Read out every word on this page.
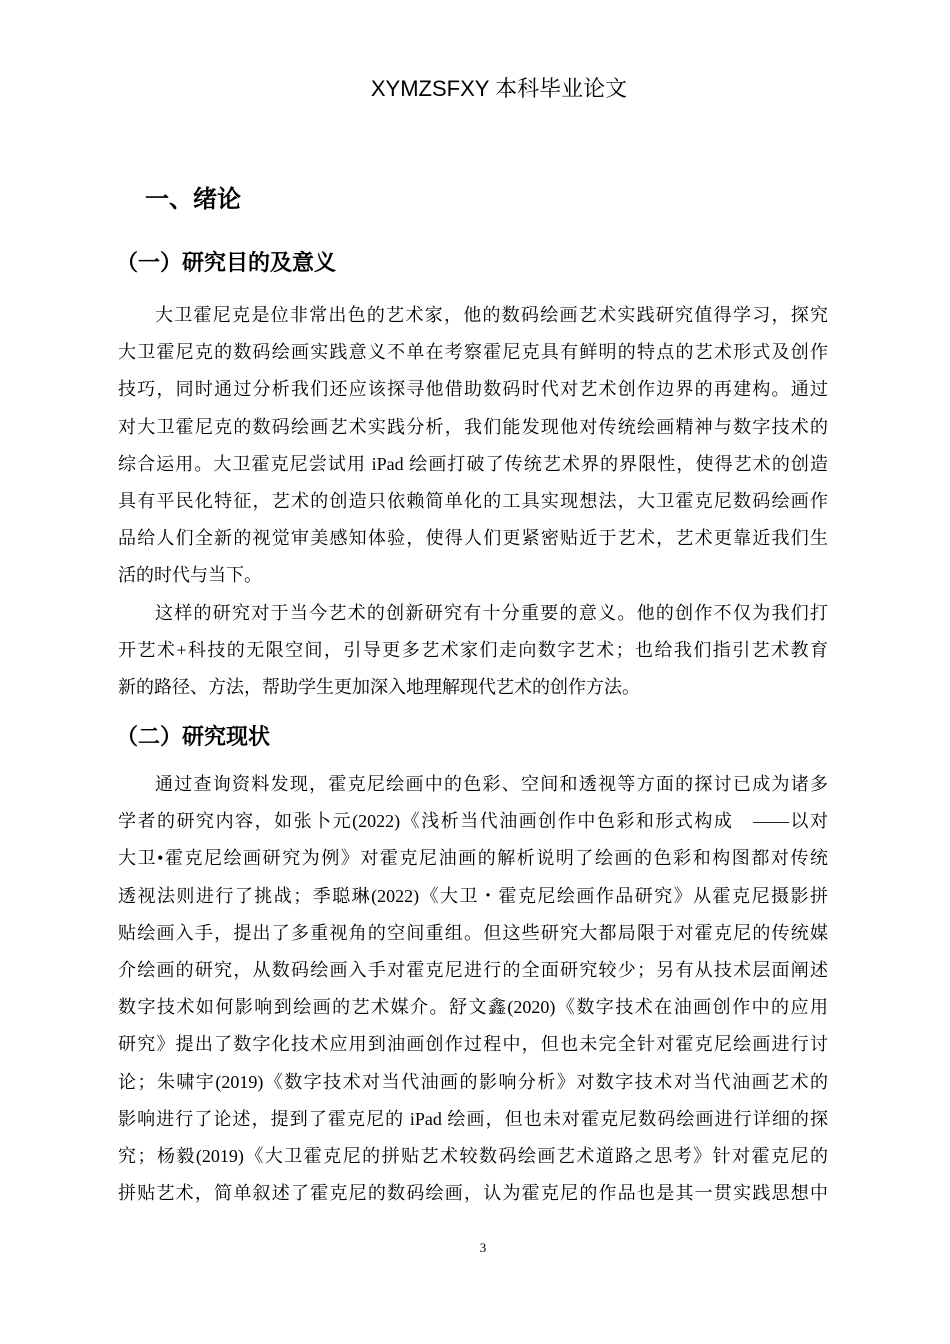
XYMZSFXY 本科毕业论文
一、绪论
（一）研究目的及意义
大卫霍尼克是位非常出色的艺术家，他的数码绘画艺术实践研究值得学习，探究
大卫霍尼克的数码绘画实践意义不单在考察霍尼克具有鲜明的特点的艺术形式及创作
技巧，同时通过分析我们还应该探寻他借助数码时代对艺术创作边界的再建构。通过
对大卫霍尼克的数码绘画艺术实践分析，我们能发现他对传统绘画精神与数字技术的
综合运用。大卫霍克尼尝试用 iPad 绘画打破了传统艺术界的界限性，使得艺术的创造
具有平民化特征，艺术的创造只依赖简单化的工具实现想法，大卫霍克尼数码绘画作
品给人们全新的视觉审美感知体验，使得人们更紧密贴近于艺术，艺术更靠近我们生
活的时代与当下。
这样的研究对于当今艺术的创新研究有十分重要的意义。他的创作不仅为我们打
开艺术+科技的无限空间，引导更多艺术家们走向数字艺术；也给我们指引艺术教育
新的路径、方法，帮助学生更加深入地理解现代艺术的创作方法。
（二）研究现状
通过查询资料发现，霍克尼绘画中的色彩、空间和透视等方面的探讨已成为诸多
学者的研究内容，如张卜元(2022)《浅析当代油画创作中色彩和形式构成　——以对
大卫•霍克尼绘画研究为例》对霍克尼油画的解析说明了绘画的色彩和构图都对传统
透视法则进行了挑战；季聪琳(2022)《大卫・霍克尼绘画作品研究》从霍克尼摄影拼
贴绘画入手，提出了多重视角的空间重组。但这些研究大都局限于对霍克尼的传统媒
介绘画的研究，从数码绘画入手对霍克尼进行的全面研究较少；另有从技术层面阐述
数字技术如何影响到绘画的艺术媒介。舒文鑫(2020)《数字技术在油画创作中的应用
研究》提出了数字化技术应用到油画创作过程中，但也未完全针对霍克尼绘画进行讨
论；朱啸宇(2019)《数字技术对当代油画的影响分析》对数字技术对当代油画艺术的
影响进行了论述，提到了霍克尼的 iPad 绘画，但也未对霍克尼数码绘画进行详细的探
究；杨毅(2019)《大卫霍克尼的拼贴艺术较数码绘画艺术道路之思考》针对霍克尼的
拼贴艺术，简单叙述了霍克尼的数码绘画，认为霍克尼的作品也是其一贯实践思想中
3
